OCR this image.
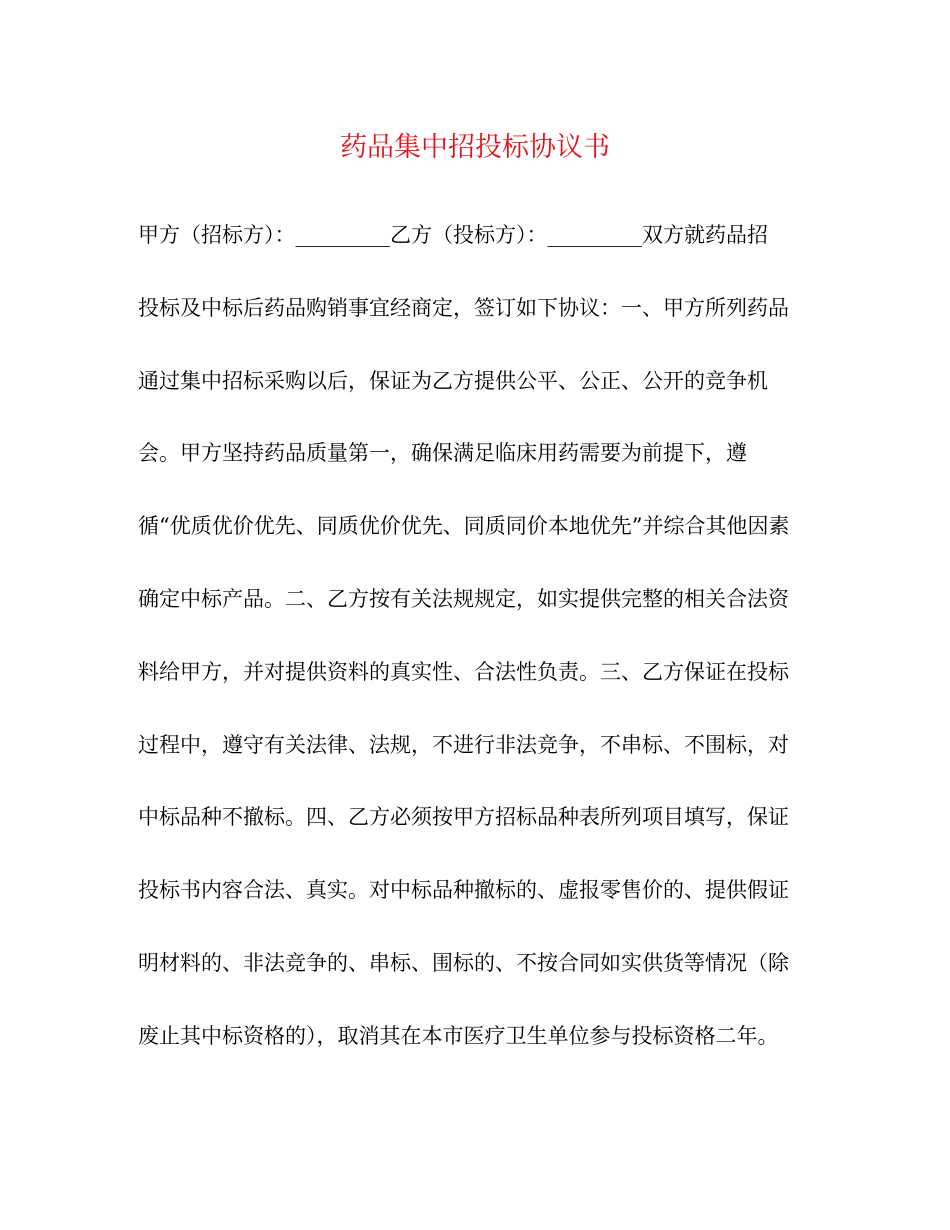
药品集中招投标协议书
甲方（招标方）：_________乙方（投标方）：_________双方就药品招
投标及中标后药品购销事宜经商定，签订如下协议：一、甲方所列药品
通过集中招标采购以后，保证为乙方提供公平、公正、公开的竞争机
会。甲方坚持药品质量第一，确保满足临床用药需要为前提下，遵
循“优质优价优先、同质优价优先、同质同价本地优先”并综合其他因素
确定中标产品。二、乙方按有关法规规定，如实提供完整的相关合法资
料给甲方，并对提供资料的真实性、合法性负责。三、乙方保证在投标
过程中，遵守有关法律、法规，不进行非法竞争，不串标、不围标，对
中标品种不撤标。四、乙方必须按甲方招标品种表所列项目填写，保证
投标书内容合法、真实。对中标品种撤标的、虚报零售价的、提供假证
明材料的、非法竞争的、串标、围标的、不按合同如实供货等情况（除
废止其中标资格的），取消其在本市医疗卫生单位参与投标资格二年。
